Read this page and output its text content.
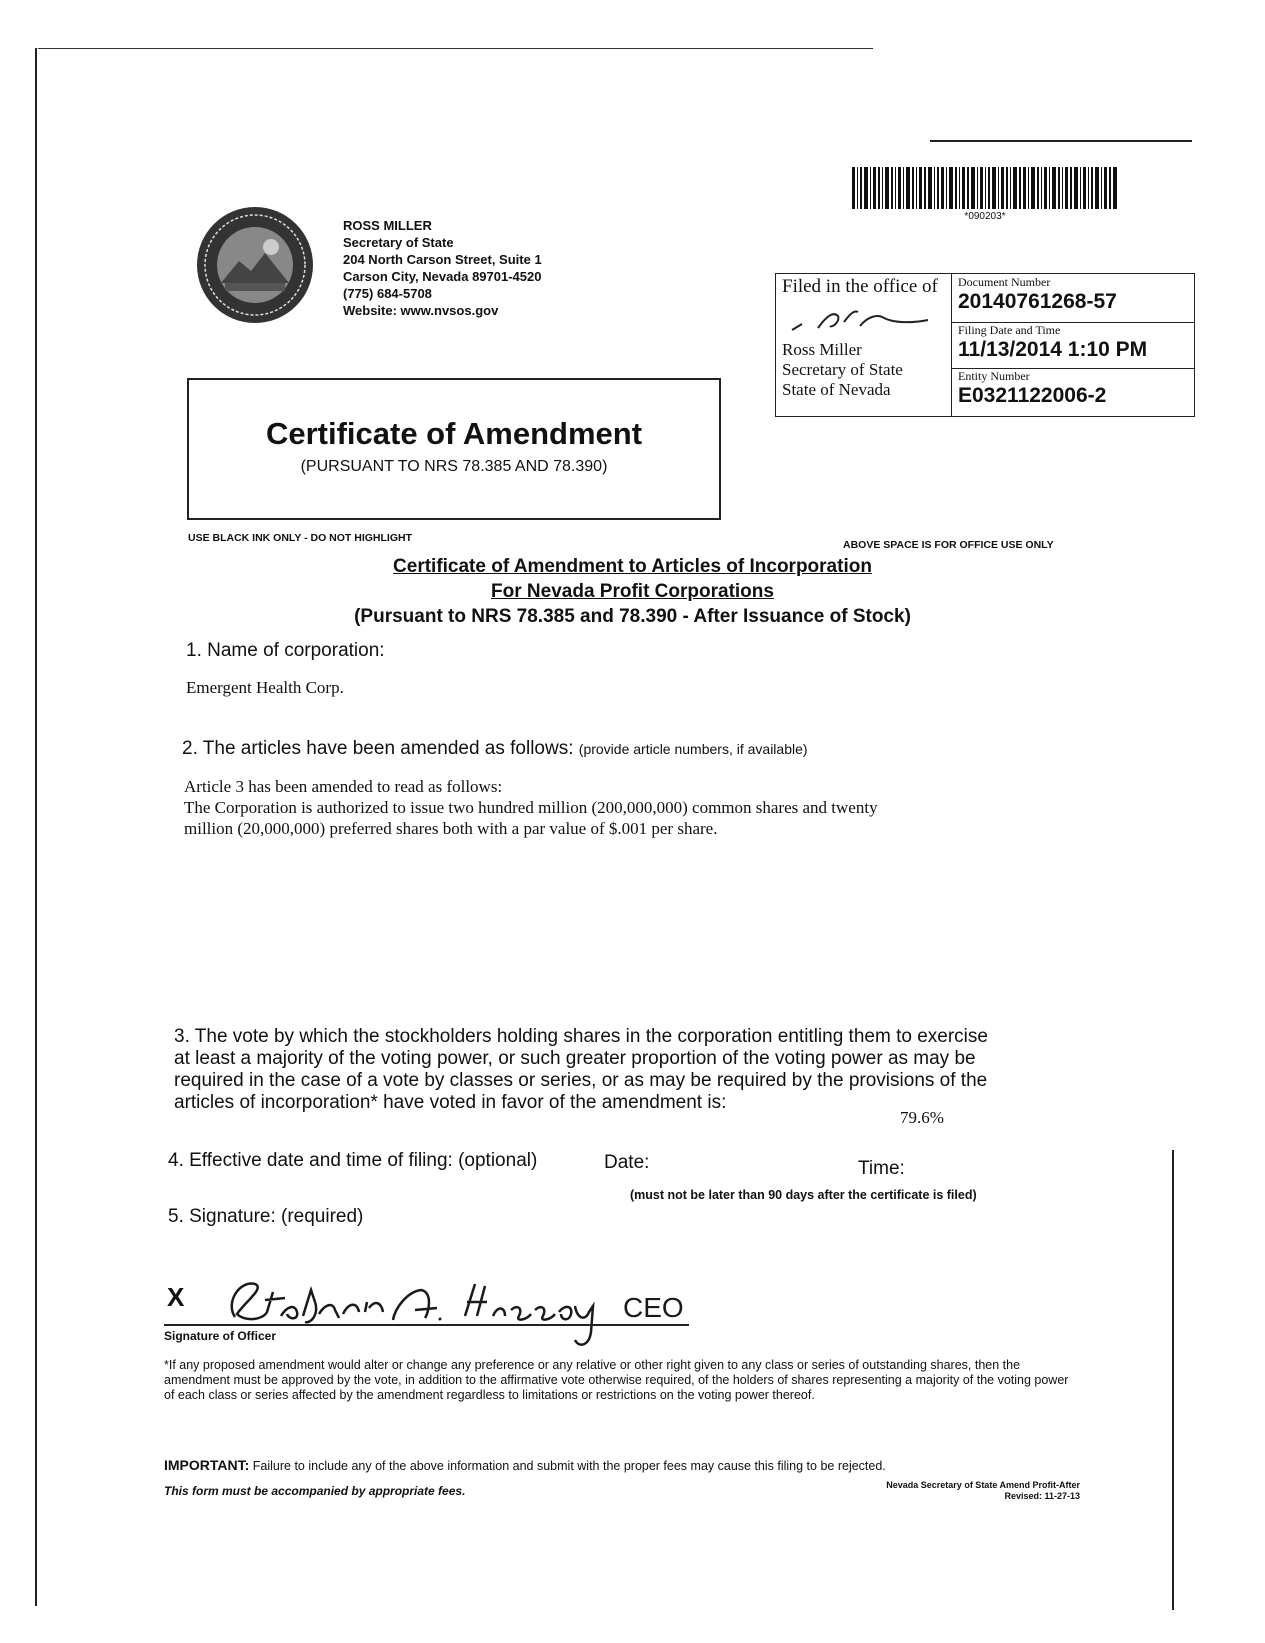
ROSS MILLER
Secretary of State
204 North Carson Street, Suite 1
Carson City, Nevada 89701-4520
(775) 684-5708
Website: www.nvsos.gov
*090203*
Filed in the office of
Ross Miller
Secretary of State
State of Nevada
Document Number
20140761268-57
Filing Date and Time
11/13/2014 1:10 PM
Entity Number
E0321122006-2
Certificate of Amendment
(PURSUANT TO NRS 78.385 AND 78.390)
USE BLACK INK ONLY - DO NOT HIGHLIGHT
ABOVE SPACE IS FOR OFFICE USE ONLY
Certificate of Amendment to Articles of Incorporation
For Nevada Profit Corporations
(Pursuant to NRS 78.385 and 78.390 - After Issuance of Stock)
1. Name of corporation:
Emergent Health Corp.
2. The articles have been amended as follows: (provide article numbers, if available)
Article 3 has been amended to read as follows:
The Corporation is authorized to issue two hundred million (200,000,000) common shares and twenty
million (20,000,000) preferred shares both with a par value of $.001 per share.
3. The vote by which the stockholders holding shares in the corporation entitling them to exercise
at least a majority of the voting power, or such greater proportion of the voting power as may be
required in the case of a vote by classes or series, or as may be required by the provisions of the
articles of incorporation* have voted in favor of the amendment is:
79.6%
4. Effective date and time of filing: (optional)	Date:	Time:
(must not be later than 90 days after the certificate is filed)
5. Signature: (required)
X	CEO
Signature of Officer
*If any proposed amendment would alter or change any preference or any relative or other right given to any class or series of outstanding shares, then the amendment must be approved by the vote, in addition to the affirmative vote otherwise required, of the holders of shares representing a majority of the voting power of each class or series affected by the amendment regardless to limitations or restrictions on the voting power thereof.
IMPORTANT: Failure to include any of the above information and submit with the proper fees may cause this filing to be rejected.
This form must be accompanied by appropriate fees.	Nevada Secretary of State Amend Profit-After
Revised: 11-27-13
